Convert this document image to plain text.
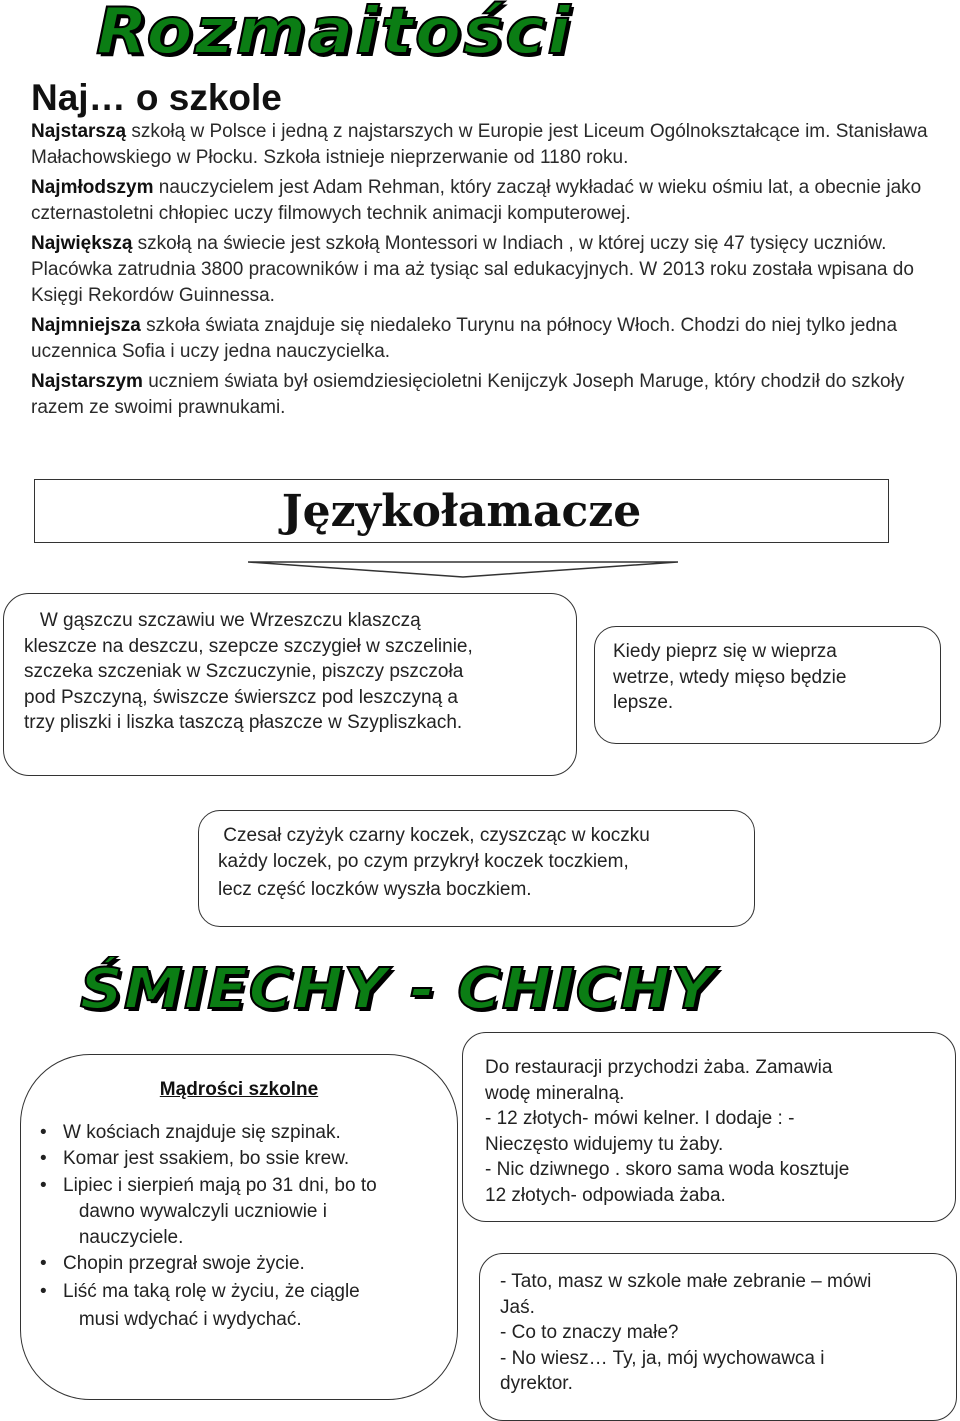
Rozmaitości
Naj… o szkole

Najstarszą szkołą w Polsce i jedną z najstarszych w Europie jest Liceum Ogólnokształcące im. Stanisława Małachowskiego w Płocku. Szkoła istnieje nieprzerwanie od 1180 roku.

Najmłodszym nauczycielem jest Adam Rehman, który zaczął wykładać w wieku ośmiu lat, a obecnie jako czternastoletni chłopiec uczy filmowych technik animacji komputerowej.

Największą szkołą na świecie jest szkołą Montessori w Indiach , w której uczy się 47 tysięcy uczniów. Placówka zatrudnia 3800 pracowników i ma aż tysiąc sal edukacyjnych. W 2013 roku została wpisana do Księgi Rekordów Guinnessa.

Najmniejsza szkoła świata znajduje się niedaleko Turynu na północy Włoch. Chodzi do niej tylko jedna uczennica Sofia i uczy jedna nauczycielka.

Najstarszym uczniem świata był osiemdziesięcioletni Kenijczyk Joseph Maruge, który chodził do szkoły razem ze swoimi prawnukami.

Językołamacze

W gąszczu szczawiu we Wrzeszczu klaszczą

kleszcze na deszczu, szepcze szczygieł w szczelinie,

szczeka szczeniak w Szczuczynie, piszczy pszczoła

pod Pszczyną, świszcze świerszcz pod leszczyną a

trzy pliszki i liszka taszczą płaszcze w Szypliszkach.

Kiedy pieprz się w wieprza

wetrze, wtedy mięso będzie

lepsze.

Czesał czyżyk czarny koczek, czyszcząc w koczku

każdy loczek, po czym przykrył koczek toczkiem,

lecz część loczków wyszła boczkiem.

ŚMIECHY - CHICHY

Mądrości szkolne

• W kościach znajduje się szpinak.
• Komar jest ssakiem, bo ssie krew.
• Lipiec i sierpień mają po 31 dni, bo to
dawno wywalczyli uczniowie i
nauczyciele.
• Chopin przegrał swoje życie.
• Liść ma taką rolę w życiu, że ciągle
musi wdychać i wydychać.

Do restauracji przychodzi żaba. Zamawia

wodę mineralną.

- 12 złotych- mówi kelner. I dodaje : -

Nieczęsto widujemy tu żaby.

- Nic dziwnego . skoro sama woda kosztuje

12 złotych- odpowiada żaba.

- Tato, masz w szkole małe zebranie – mówi

Jaś.

- Co to znaczy małe?

- No wiesz… Ty, ja, mój wychowawca i

dyrektor.
